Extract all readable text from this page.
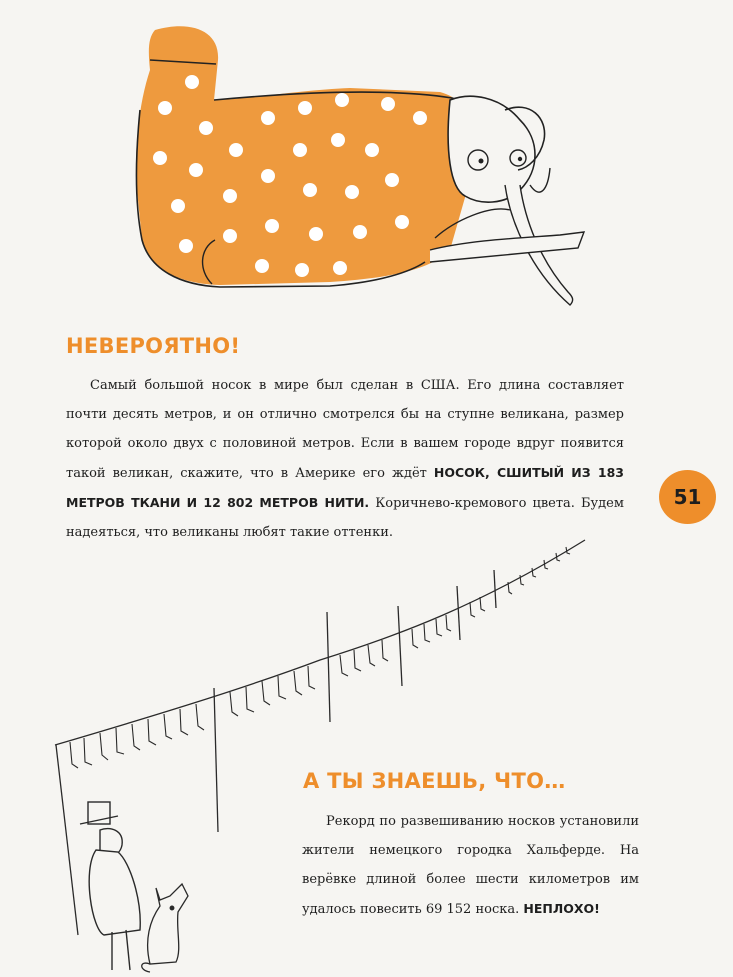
НЕВЕРОЯТНО!

Самый большой носок в мире был сделан в США. Его длина составляет почти десять метров, и он отлично смотрелся бы на ступне великана, размер которой около двух с половиной метров. Если в вашем городе вдруг появится такой великан, скажите, что в Америке его ждёт НОСОК, СШИТЫЙ ИЗ 183 МЕТРОВ ТКАНИ И 12 802 МЕТРОВ НИТИ. Коричнево-кремового цвета. Будем надеяться, что великаны любят такие оттенки.

51
А ТЫ ЗНАЕШЬ, ЧТО…

Рекорд по развешиванию носков установили жители немецкого городка Хальферде. На верёвке длиной более шести километров им удалось повесить 69 152 носка. НЕПЛОХО!
